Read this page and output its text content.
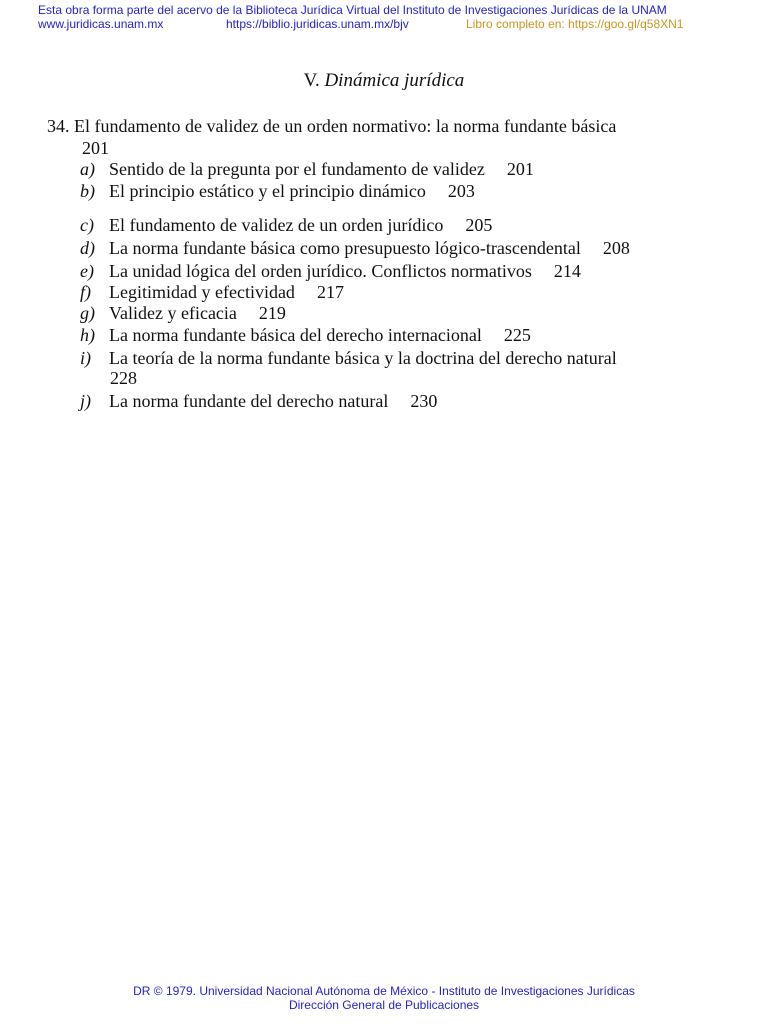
Esta obra forma parte del acervo de la Biblioteca Jurídica Virtual del Instituto de Investigaciones Jurídicas de la UNAM
www.juridicas.unam.mx	https://biblio.juridicas.unam.mx/bjv	Libro completo en: https://goo.gl/q58XN1
V. Dinámica jurídica
34. El fundamento de validez de un orden normativo: la norma fundante básica
201
a) Sentido de la pregunta por el fundamento de validez 201
b) El principio estático y el principio dinámico 203
c) El fundamento de validez de un orden jurídico 205
d) La norma fundante básica como presupuesto lógico-trascendental 208
e) La unidad lógica del orden jurídico. Conflictos normativos 214
f) Legitimidad y efectividad 217
g) Validez y eficacia 219
h) La norma fundante básica del derecho internacional 225
i) La teoría de la norma fundante básica y la doctrina del derecho natural
228
j) La norma fundante del derecho natural 230
DR © 1979. Universidad Nacional Autónoma de México - Instituto de Investigaciones Jurídicas
Dirección General de Publicaciones
